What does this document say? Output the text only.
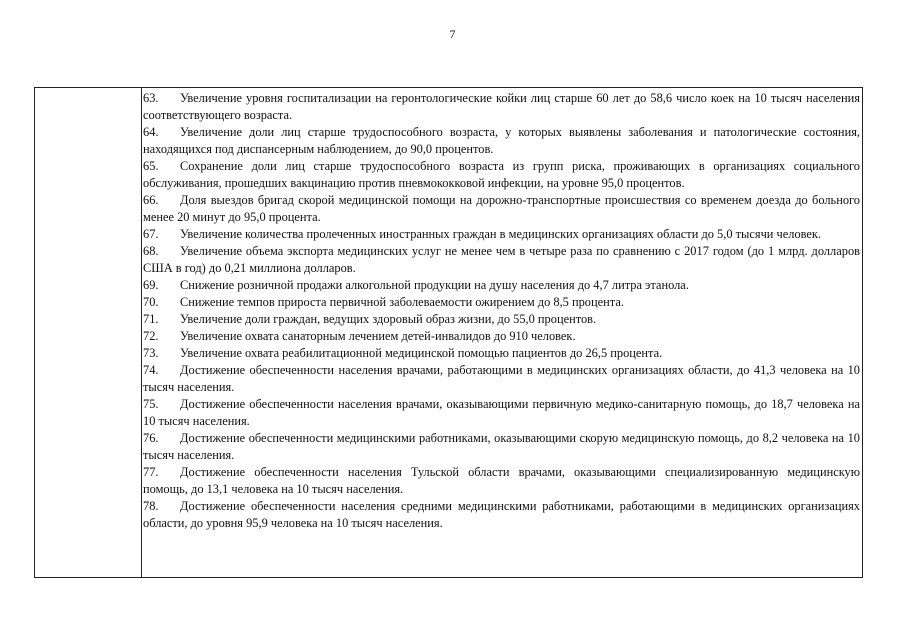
7
63. Увеличение уровня госпитализации на геронтологические койки лиц старше 60 лет до 58,6 число коек на 10 тысяч населения соответствующего возраста.
64. Увеличение доли лиц старше трудоспособного возраста, у которых выявлены заболевания и патологические состояния, находящихся под диспансерным наблюдением, до 90,0 процентов.
65. Сохранение доли лиц старше трудоспособного возраста из групп риска, проживающих в организациях социального обслуживания, прошедших вакцинацию против пневмококковой инфекции, на уровне 95,0 процентов.
66. Доля выездов бригад скорой медицинской помощи на дорожно-транспортные происшествия со временем доезда до больного менее 20 минут до 95,0 процента.
67. Увеличение количества пролеченных иностранных граждан в медицинских организациях области до 5,0 тысячи человек.
68. Увеличение объема экспорта медицинских услуг не менее чем в четыре раза по сравнению с 2017 годом (до 1 млрд. долларов США в год) до 0,21 миллиона долларов.
69. Снижение розничной продажи алкогольной продукции на душу населения до 4,7 литра этанола.
70. Снижение темпов прироста первичной заболеваемости ожирением до 8,5 процента.
71. Увеличение доли граждан, ведущих здоровый образ жизни, до 55,0 процентов.
72. Увеличение охвата санаторным лечением детей-инвалидов до 910 человек.
73. Увеличение охвата реабилитационной медицинской помощью пациентов до 26,5 процента.
74. Достижение обеспеченности населения врачами, работающими в медицинских организациях области, до 41,3 человека на 10 тысяч населения.
75. Достижение обеспеченности населения врачами, оказывающими первичную медико-санитарную помощь, до 18,7 человека на 10 тысяч населения.
76. Достижение обеспеченности медицинскими работниками, оказывающими скорую медицинскую помощь, до 8,2 человека на 10 тысяч населения.
77. Достижение обеспеченности населения Тульской области врачами, оказывающими специализированную медицинскую помощь, до 13,1 человека на 10 тысяч населения.
78. Достижение обеспеченности населения средними медицинскими работниками, работающими в медицинских организациях области, до уровня 95,9 человека на 10 тысяч населения.
